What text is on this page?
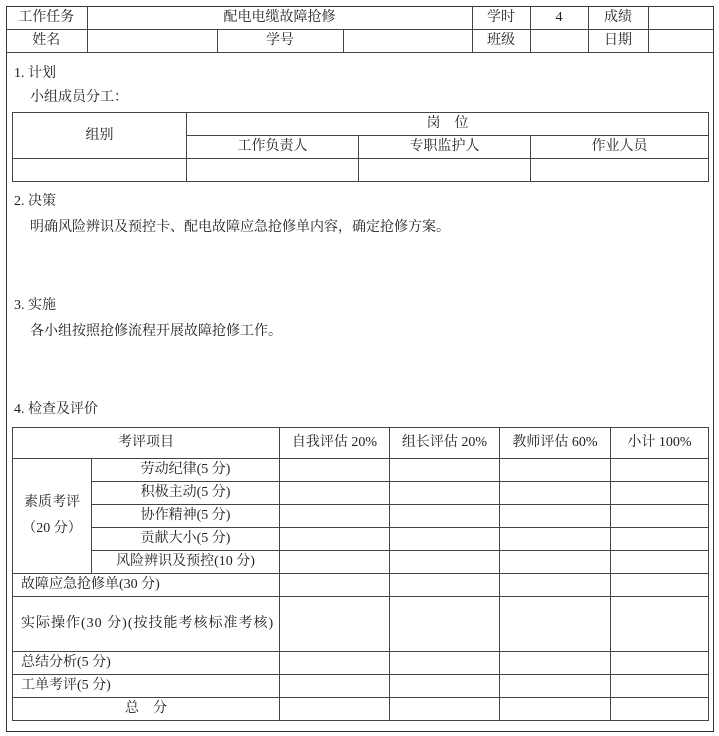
工作任务	配电电缆故障抢修			学时	4	成绩	
姓名		学号		班级		日期	
1. 计划
小组成员分工：
组别	岗　位		
	工作负责人	专职监护人	作业人员

2. 决策
明确风险辨识及预控卡、配电故障应急抢修单内容，确定抢修方案。
3. 实施
各小组按照抢修流程开展故障抢修工作。
4. 检查及评价
考评项目		自我评估 20%	组长评估 20%	教师评估 60%	小计 100%
素质考评（20 分）	劳动纪律(5 分)				
	积极主动(5 分)				
	协作精神(5 分)				
	贡献大小(5 分)				
	风险辨识及预控(10 分)				
故障应急抢修单(30 分)					
实际操作(30 分)(按技能考核标准考核)					
总结分析(5 分)					
工单考评(5 分)					
总　分					
